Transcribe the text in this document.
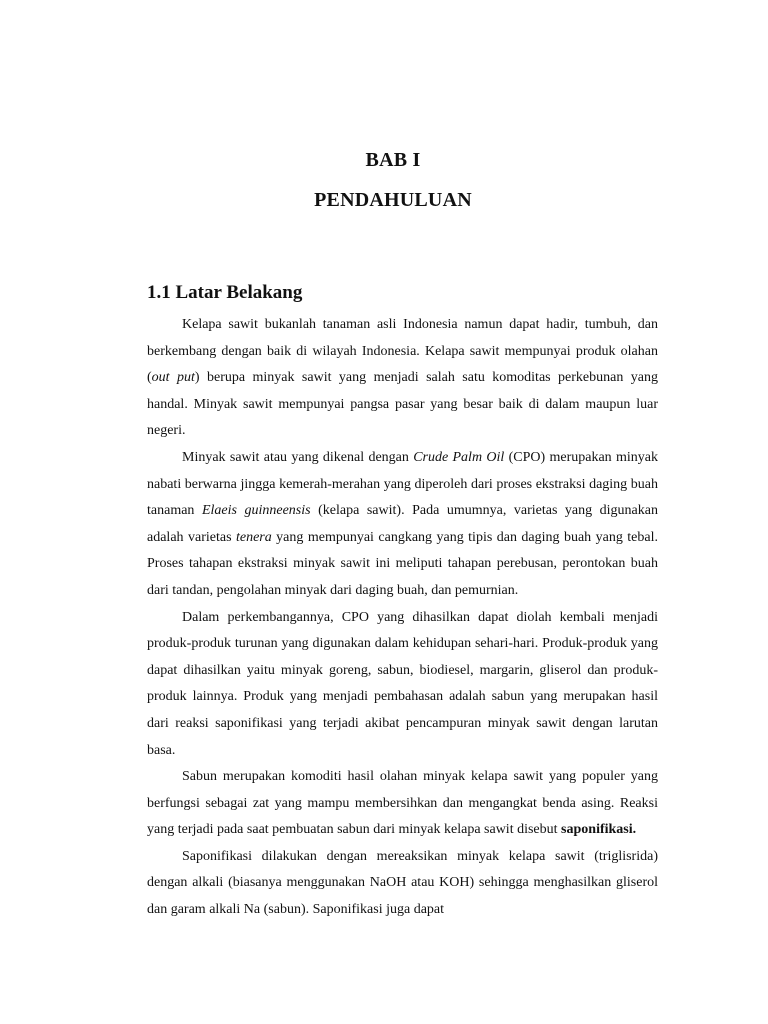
BAB I
PENDAHULUAN
1.1 Latar Belakang

Kelapa sawit bukanlah tanaman asli Indonesia namun dapat hadir, tumbuh, dan berkembang dengan baik di wilayah Indonesia. Kelapa sawit mempunyai produk olahan (out put) berupa minyak sawit yang menjadi salah satu komoditas perkebunan yang handal. Minyak sawit mempunyai pangsa pasar yang besar baik di dalam maupun luar negeri.

Minyak sawit atau yang dikenal dengan Crude Palm Oil (CPO) merupakan minyak nabati berwarna jingga kemerah-merahan yang diperoleh dari proses ekstraksi daging buah tanaman Elaeis guinneensis (kelapa sawit). Pada umumnya, varietas yang digunakan adalah varietas tenera yang mempunyai cangkang yang tipis dan daging buah yang tebal. Proses tahapan ekstraksi minyak sawit ini meliputi tahapan perebusan, perontokan buah dari tandan, pengolahan minyak dari daging buah, dan pemurnian.

Dalam perkembangannya, CPO yang dihasilkan dapat diolah kembali menjadi produk-produk turunan yang digunakan dalam kehidupan sehari-hari. Produk-produk yang dapat dihasilkan yaitu minyak goreng, sabun, biodiesel, margarin, gliserol dan produk-produk lainnya. Produk yang menjadi pembahasan adalah sabun yang merupakan hasil dari reaksi saponifikasi yang terjadi akibat pencampuran minyak sawit dengan larutan basa.

Sabun merupakan komoditi hasil olahan minyak kelapa sawit yang populer yang berfungsi sebagai zat yang mampu membersihkan dan mengangkat benda asing. Reaksi yang terjadi pada saat pembuatan sabun dari minyak kelapa sawit disebut saponifikasi.

Saponifikasi dilakukan dengan mereaksikan minyak kelapa sawit (triglisrida) dengan alkali (biasanya menggunakan NaOH atau KOH) sehingga menghasilkan gliserol dan garam alkali Na (sabun). Saponifikasi juga dapat
